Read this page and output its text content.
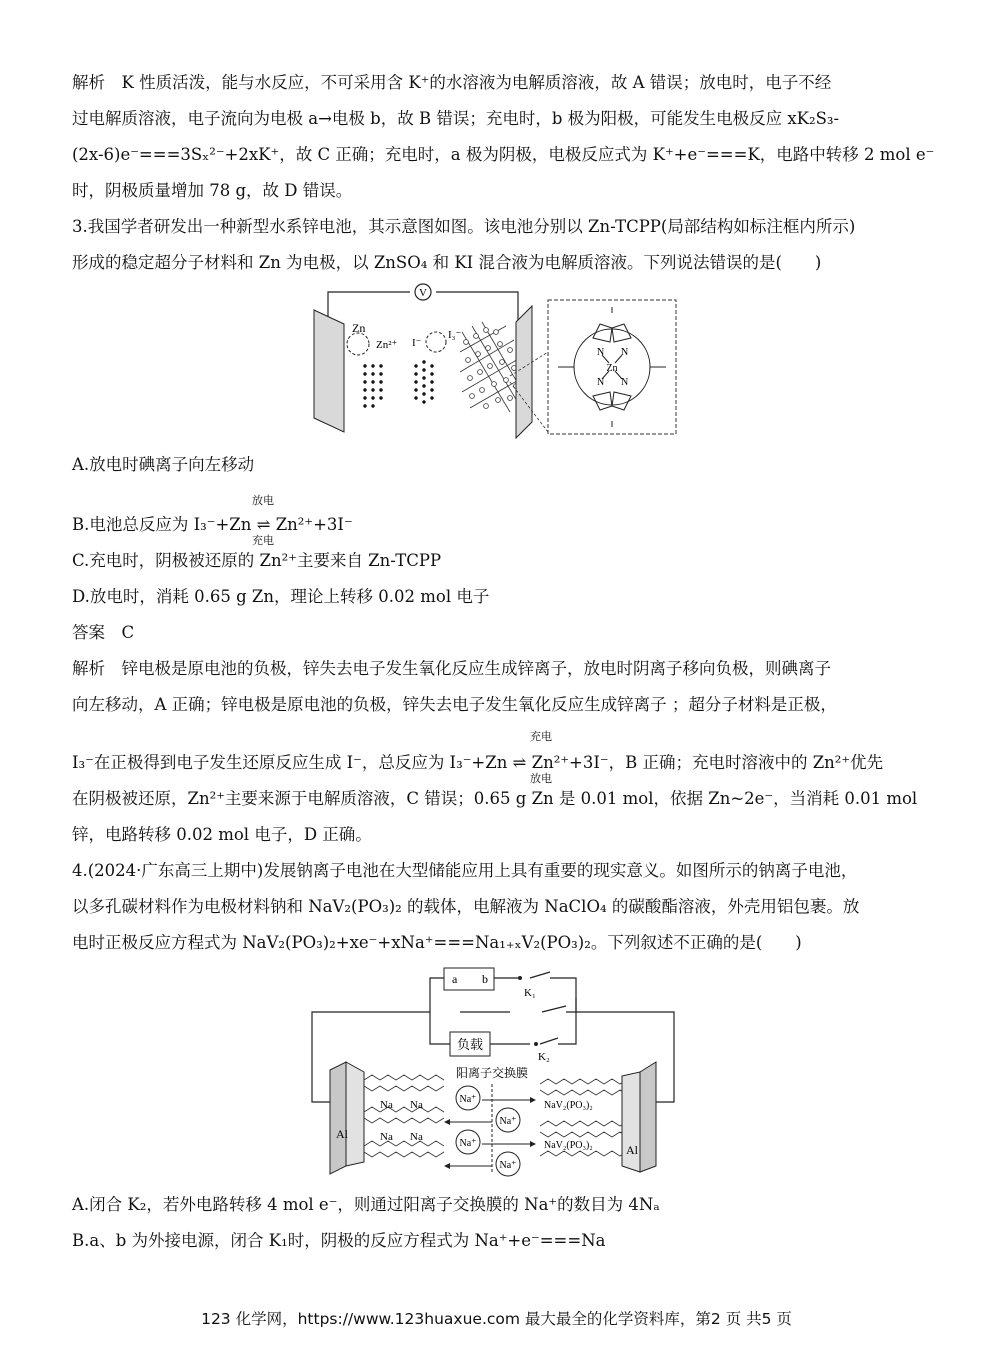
解析　K 性质活泼，能与水反应，不可采用含 K⁺的水溶液为电解质溶液，故 A 错误；放电时，电子不经
过电解质溶液，电子流向为电极 a→电极 b，故 B 错误；充电时，b 极为阳极，可能发生电极反应 xK₂S₃-
(2x-6)e⁻===3Sₓ²⁻+2xK⁺，故 C 正确；充电时，a 极为阴极，电极反应式为 K⁺+e⁻===K，电路中转移 2 mol e⁻
时，阴极质量增加 78 g，故 D 错误。
3.我国学者研发出一种新型水系锌电池，其示意图如图。该电池分别以 Zn-TCPP(局部结构如标注框内所示)
形成的稳定超分子材料和 Zn 为电极，以 ZnSO₄ 和 KI 混合液为电解质溶液。下列说法错误的是(　　)
V
Zn
Zn²⁺ I⁻
I₃⁻
N N
N N
Zn
A.放电时碘离子向左移动
放电
B.电池总反应为 I₃⁻+Zn ⇌ Zn²⁺+3I⁻
充电
C.充电时，阴极被还原的 Zn²⁺主要来自 Zn-TCPP
D.放电时，消耗 0.65 g Zn，理论上转移 0.02 mol 电子
答案　C
解析　锌电极是原电池的负极，锌失去电子发生氧化反应生成锌离子，放电时阴离子移向负极，则碘离子
向左移动，A 正确；锌电极是原电池的负极，锌失去电子发生氧化反应生成锌离子 ；超分子材料是正极，
充电
I₃⁻在正极得到电子发生还原反应生成 I⁻，总反应为 I₃⁻+Zn ⇌ Zn²⁺+3I⁻，B 正确；充电时溶液中的 Zn²⁺优先
放电
在阴极被还原，Zn²⁺主要来源于电解质溶液，C 错误；0.65 g Zn 是 0.01 mol，依据 Zn~2e⁻，当消耗 0.01 mol
锌，电路转移 0.02 mol 电子，D 正确。
4.(2024·广东高三上期中)发展钠离子电池在大型储能应用上具有重要的现实意义。如图所示的钠离子电池，
以多孔碳材料作为电极材料钠和 NaV₂(PO₃)₂ 的载体，电解液为 NaClO₄ 的碳酸酯溶液，外壳用铝包裹。放
电时正极反应方程式为 NaV₂(PO₃)₂+xe⁻+xNa⁺===Na₁₊ₓV₂(PO₃)₂。下列叙述不正确的是(　　)
a b
K₁
负载
K₂
Al
Na Na
Na Na
阳离子交换膜
Na⁺
Na⁺
Na⁺
Na⁺
NaV₂(PO₃)₂
NaV₂(PO₃)₂	Al
A.闭合 K₂，若外电路转移 4 mol e⁻，则通过阳离子交换膜的 Na⁺的数目为 4Nₐ
B.a、b 为外接电源，闭合 K₁时，阴极的反应方程式为 Na⁺+e⁻===Na
123 化学网，https://www.123huaxue.com 最大最全的化学资料库，第2 页 共5 页
